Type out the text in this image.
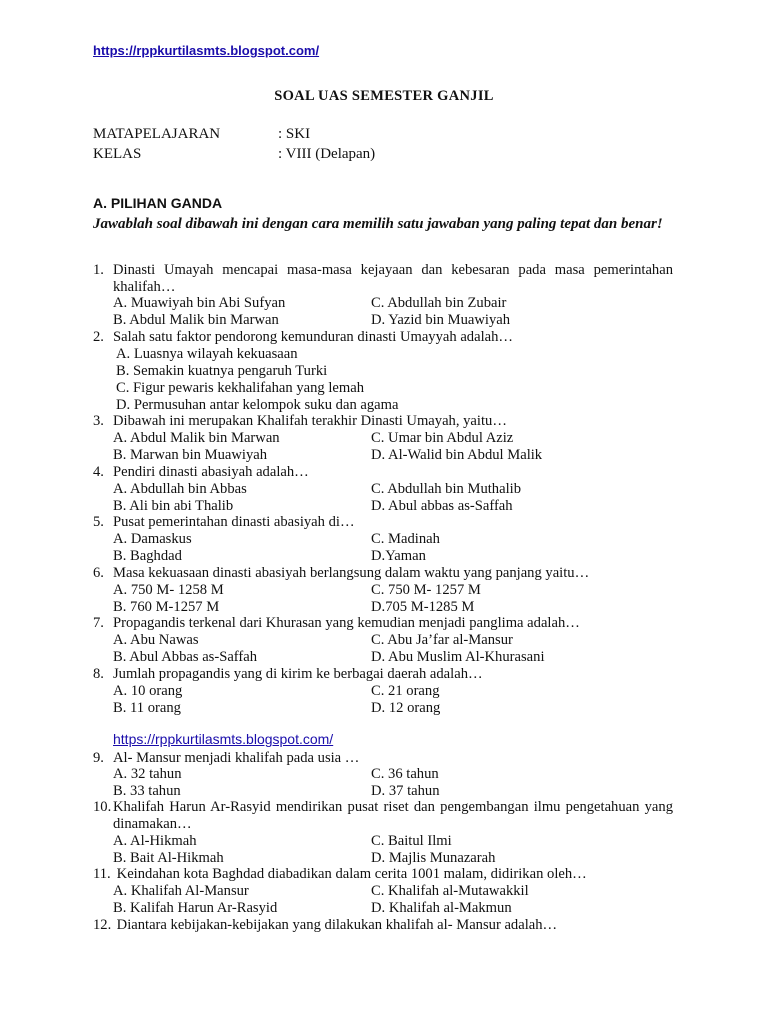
https://rppkurtilasmts.blogspot.com/
SOAL UAS SEMESTER GANJIL
MATAPELAJARAN	: SKI
KELAS	: VIII (Delapan)
A. PILIHAN GANDA
Jawablah soal dibawah ini dengan cara memilih satu jawaban yang paling tepat dan benar!
1. Dinasti Umayah mencapai masa-masa kejayaan dan kebesaran pada masa pemerintahan khalifah…
A. Muawiyah bin Abi Sufyan	C. Abdullah bin Zubair
B. Abdul Malik bin Marwan	D. Yazid bin Muawiyah
2. Salah satu faktor pendorong kemunduran dinasti Umayyah adalah…
A. Luasnya wilayah kekuasaan
B. Semakin kuatnya pengaruh Turki
C. Figur pewaris kekhalifahan yang lemah
D. Permusuhan antar kelompok suku dan agama
3. Dibawah ini merupakan Khalifah terakhir Dinasti Umayah, yaitu…
A. Abdul Malik bin Marwan	C. Umar bin Abdul Aziz
B. Marwan bin Muawiyah	D. Al-Walid bin Abdul Malik
4. Pendiri dinasti abasiyah adalah…
A. Abdullah bin Abbas	C. Abdullah bin Muthalib
B. Ali bin abi Thalib	D. Abul abbas as-Saffah
5. Pusat pemerintahan dinasti abasiyah di…
A. Damaskus	C. Madinah
B. Baghdad	D.Yaman
6. Masa kekuasaan dinasti abasiyah berlangsung dalam waktu yang panjang yaitu…
A. 750 M- 1258 M	C. 750 M- 1257 M
B. 760 M-1257 M	D.705 M-1285 M
7. Propagandis terkenal dari Khurasan yang kemudian menjadi panglima adalah…
A. Abu Nawas	C. Abu Ja’far al-Mansur
B. Abul Abbas as-Saffah	D. Abu Muslim Al-Khurasani
8. Jumlah propagandis yang di kirim ke berbagai daerah adalah…
A. 10 orang	C. 21 orang
B. 11 orang	D. 12 orang
https://rppkurtilasmts.blogspot.com/
9. Al- Mansur menjadi khalifah pada usia …
A. 32 tahun	C. 36 tahun
B. 33 tahun	D. 37 tahun
10. Khalifah Harun Ar-Rasyid mendirikan pusat riset dan pengembangan ilmu pengetahuan yang dinamakan…
A. Al-Hikmah	C. Baitul Ilmi
B. Bait Al-Hikmah	D. Majlis Munazarah
11. Keindahan kota Baghdad diabadikan dalam cerita 1001 malam, didirikan oleh…
A. Khalifah Al-Mansur	C. Khalifah al-Mutawakkil
B. Kalifah Harun Ar-Rasyid	D. Khalifah al-Makmun
12. Diantara kebijakan-kebijakan yang dilakukan khalifah al- Mansur adalah…
